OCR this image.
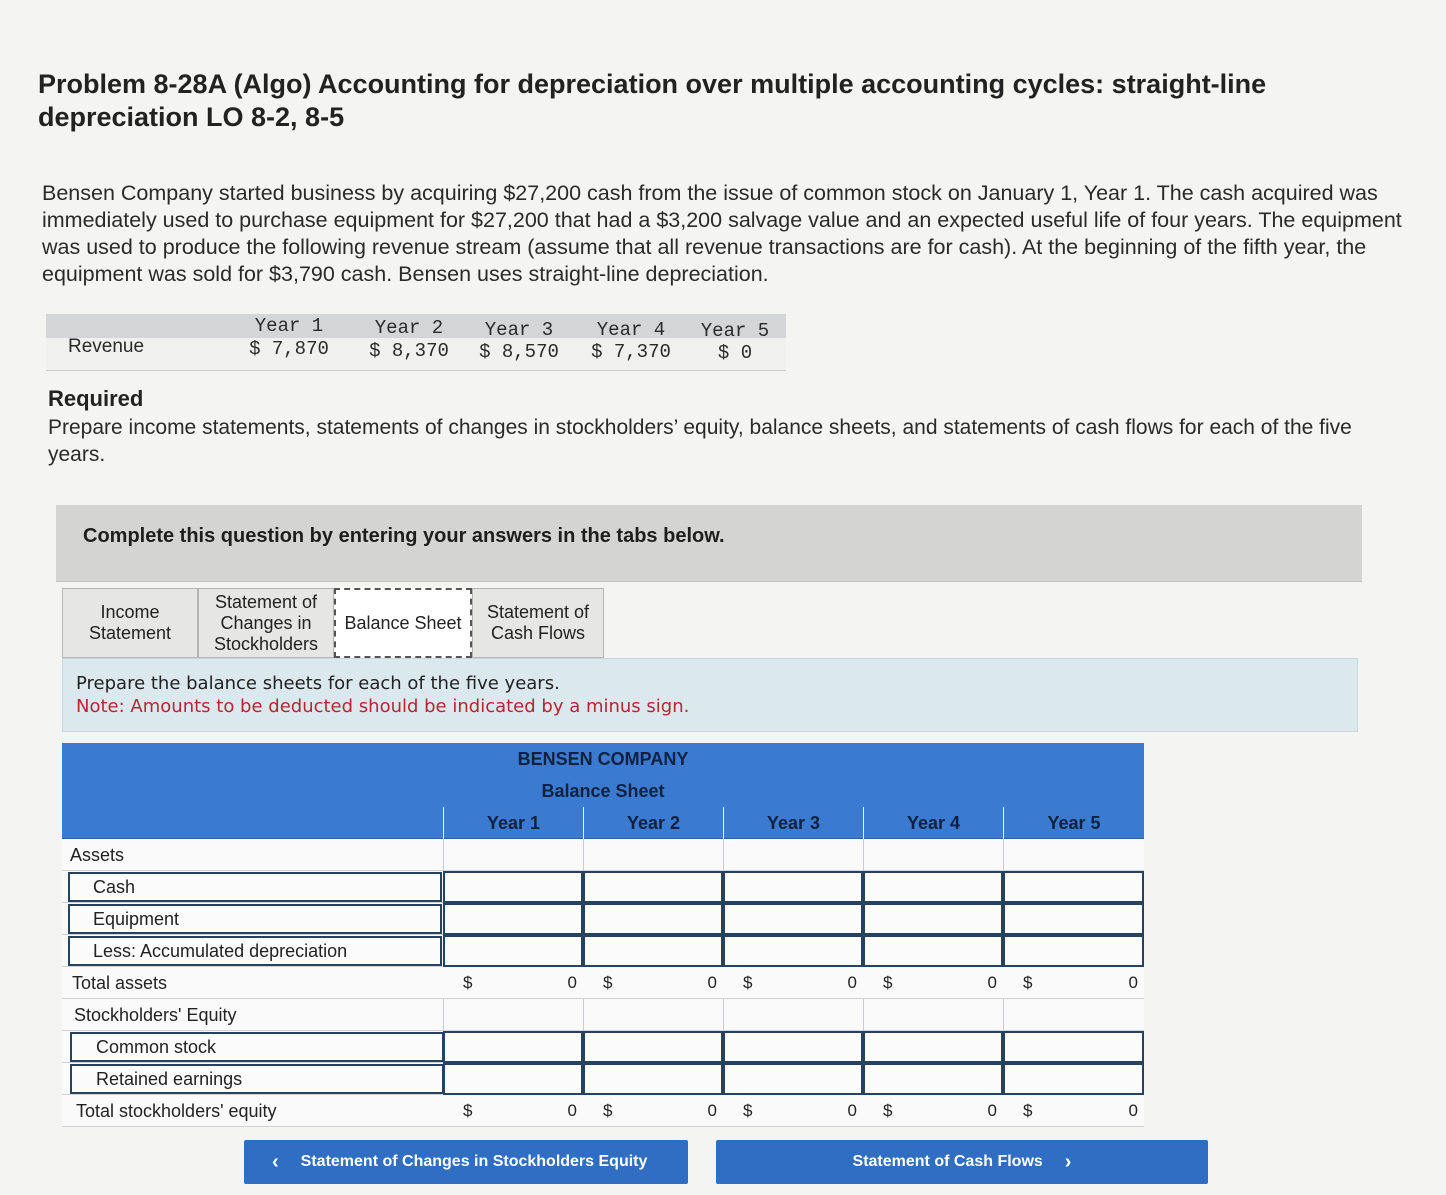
Problem 8-28A (Algo) Accounting for depreciation over multiple accounting cycles: straight-line depreciation LO 8-2, 8-5
Bensen Company started business by acquiring $27,200 cash from the issue of common stock on January 1, Year 1. The cash acquired was immediately used to purchase equipment for $27,200 that had a $3,200 salvage value and an expected useful life of four years. The equipment was used to produce the following revenue stream (assume that all revenue transactions are for cash). At the beginning of the fifth year, the equipment was sold for $3,790 cash. Bensen uses straight-line depreciation.
Revenue
Year 1	Year 2	Year 3	Year 4	Year 5
$ 7,870	$ 8,370	$ 8,570	$ 7,370	$ 0
Required
Prepare income statements, statements of changes in stockholders’ equity, balance sheets, and statements of cash flows for each of the five years.
Complete this question by entering your answers in the tabs below.
Income Statement
Statement of Changes in Stockholders
Balance Sheet
Statement of Cash Flows
Prepare the balance sheets for each of the five years.
Note: Amounts to be deducted should be indicated by a minus sign.
BENSEN COMPANY
Balance Sheet
Year 1	Year 2	Year 3	Year 4	Year 5
Assets
Cash
Equipment
Less: Accumulated depreciation
Total assets	$	0 $	0 $	0 $	0 $	0
Stockholders' Equity
Common stock
Retained earnings
Total stockholders' equity	$	0 $	0 $	0 $	0 $	0
‹ Statement of Changes in Stockholders Equity	Statement of Cash Flows ›
